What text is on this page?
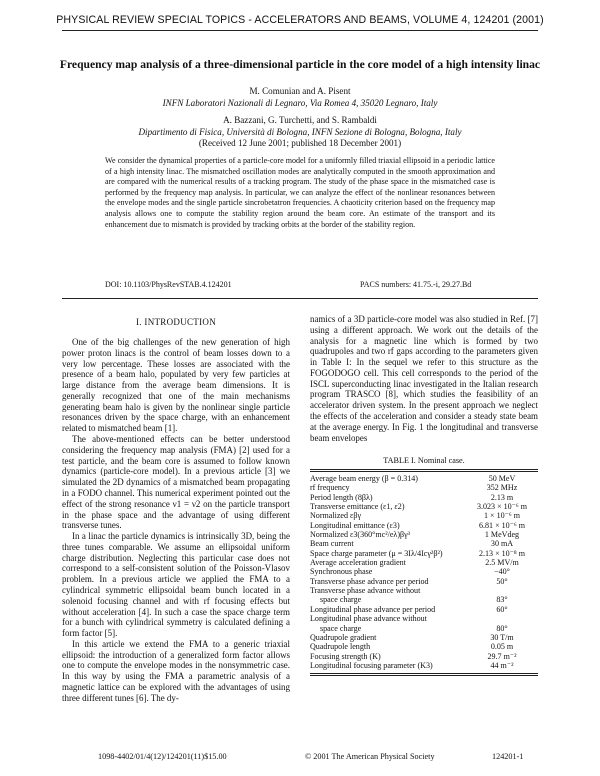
PHYSICAL REVIEW SPECIAL TOPICS - ACCELERATORS AND BEAMS, VOLUME 4, 124201 (2001)
Frequency map analysis of a three-dimensional particle in the core model of a high intensity linac
M. Comunian and A. Pisent
INFN Laboratori Nazionali di Legnaro, Via Romea 4, 35020 Legnaro, Italy
A. Bazzani, G. Turchetti, and S. Rambaldi
Dipartimento di Fisica, Università di Bologna, INFN Sezione di Bologna, Bologna, Italy
(Received 12 June 2001; published 18 December 2001)
We consider the dynamical properties of a particle-core model for a uniformly filled triaxial ellipsoid in a periodic lattice of a high intensity linac. The mismatched oscillation modes are analytically computed in the smooth approximation and are compared with the numerical results of a tracking program. The study of the phase space in the mismatched case is performed by the frequency map analysis. In particular, we can analyze the effect of the nonlinear resonances between the envelope modes and the single particle sincrobetatron frequencies. A chaoticity criterion based on the frequency map analysis allows one to compute the stability region around the beam core. An estimate of the transport and its enhancement due to mismatch is provided by tracking orbits at the border of the stability region.
DOI: 10.1103/PhysRevSTAB.4.124201	PACS numbers: 41.75.-i, 29.27.Bd
I. INTRODUCTION

One of the big challenges of the new generation of high power proton linacs is the control of beam losses down to a very low percentage. These losses are associated with the presence of a beam halo, populated by very few particles at large distance from the average beam dimensions. It is generally recognized that one of the main mechanisms generating beam halo is given by the nonlinear single particle resonances driven by the space charge, with an enhancement related to mismatched beam [1].

The above-mentioned effects can be better understood considering the frequency map analysis (FMA) [2] used for a test particle, and the beam core is assumed to follow known dynamics (particle-core model). In a previous article [3] we simulated the 2D dynamics of a mismatched beam propagating in a FODO channel. This numerical experiment pointed out the effect of the strong resonance ν1 = ν2 on the particle transport in the phase space and the advantage of using different transverse tunes.

In a linac the particle dynamics is intrinsically 3D, being the three tunes comparable. We assume an ellipsoidal uniform charge distribution. Neglecting this particular case does not correspond to a self-consistent solution of the Poisson-Vlasov problem. In a previous article we applied the FMA to a cylindrical symmetric ellipsoidal beam bunch located in a solenoid focusing channel and with rf focusing effects but without acceleration [4]. In such a case the space charge term for a bunch with cylindrical symmetry is calculated defining a form factor [5].

In this article we extend the FMA to a generic triaxial ellipsoid: the introduction of a generalized form factor allows one to compute the envelope modes in the nonsymmetric case. In this way by using the FMA a parametric analysis of a magnetic lattice can be explored with the advantages of using three different tunes [6]. The dy-

namics of a 3D particle-core model was also studied in Ref. [7] using a different approach. We work out the details of the analysis for a magnetic line which is formed by two quadrupoles and two rf gaps according to the parameters given in Table I: In the sequel we refer to this structure as the FOGODOGO cell. This cell corresponds to the period of the ISCL superconducting linac investigated in the Italian research program TRASCO [8], which studies the feasibility of an accelerator driven system. In the present approach we neglect the effects of the acceleration and consider a steady state beam at the average energy. In Fig. 1 the longitudinal and transverse beam envelopes

TABLE I. Nominal case.
Average beam energy (β = 0.314)	50 MeV
rf frequency	352 MHz
Period length (8βλ)	2.13 m
Transverse emittance (ε1, ε2)	3.023 × 10⁻⁶ m
Normalized εβγ	1 × 10⁻⁶ m
Longitudinal emittance (ε3)	6.81 × 10⁻⁶ m
Normalized ε3(360°mc²/eλ)βγ³	1 MeVdeg
Beam current	30 mA
Space charge parameter (μ = 3Iλ/4Icγ²β²)	2.13 × 10⁻⁸ m
Average acceleration gradient	2.5 MV/m
Synchronous phase	−40°
Transverse phase advance per period	50°
Transverse phase advance without	
space charge	83°
Longitudinal phase advance per period	60°
Longitudinal phase advance without	
space charge	80°
Quadrupole gradient	30 T/m
Quadrupole length	0.05 m
Focusing strength (K)	29.7 m⁻²
Longitudinal focusing parameter (K3)	44 m⁻²
1098-4402/01/4(12)/124201(11)$15.00	© 2001 The American Physical Society	124201-1
